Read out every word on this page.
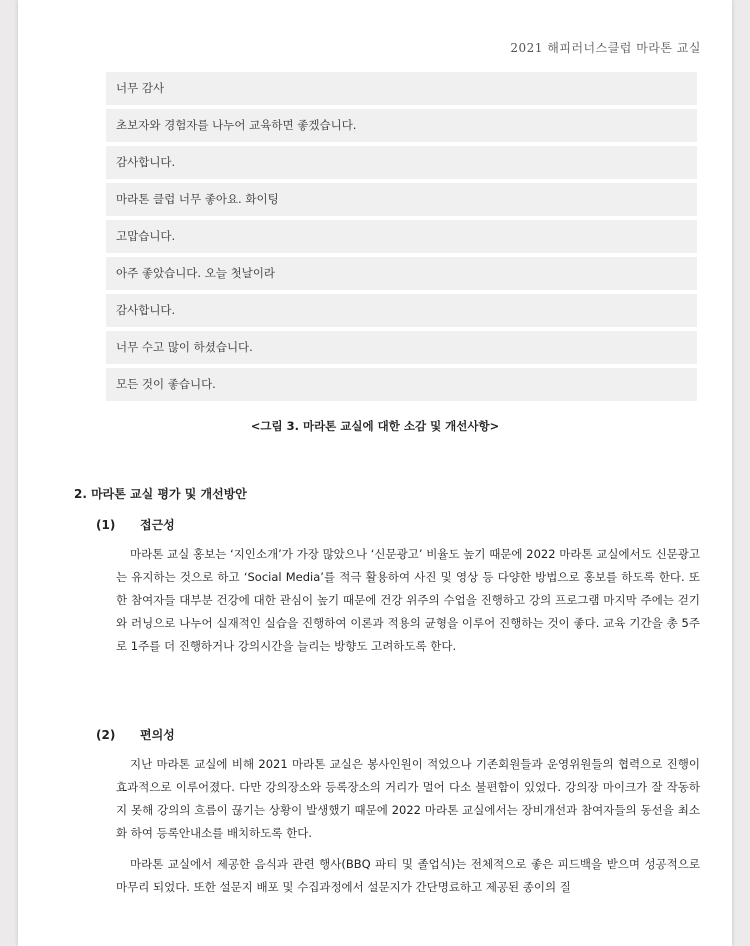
2021 해피러너스클럽 마라톤 교실
너무 감사
초보자와 경험자를 나누어 교육하면 좋겠습니다.
감사합니다.
마라톤 클럽 너무 좋아요. 화이팅
고맙습니다.
아주 좋았습니다. 오늘 첫날이라
감사합니다.
너무 수고 많이 하셨습니다.
모든 것이 좋습니다.
<그림 3. 마라톤 교실에 대한 소감 및 개선사항>
2. 마라톤 교실 평가 및 개선방안
(1) 접근성
마라톤 교실 홍보는 ‘지인소개’가 가장 많았으나 ‘신문광고’ 비율도 높기 때문에 2022 마라톤 교실에서도 신문광고는 유지하는 것으로 하고 ‘Social Media’를 적극 활용하여 사진 및 영상 등 다양한 방법으로 홍보를 하도록 한다. 또한 참여자들 대부분 건강에 대한 관심이 높기 때문에 건강 위주의 수업을 진행하고 강의 프로그램 마지막 주에는 걷기와 러닝으로 나누어 실재적인 실습을 진행하여 이론과 적용의 균형을 이루어 진행하는 것이 좋다. 교육 기간을 총 5주로 1주를 더 진행하거나 강의시간을 늘리는 방향도 고려하도록 한다.
(2) 편의성
지난 마라톤 교실에 비해 2021 마라톤 교실은 봉사인원이 적었으나 기존회원들과 운영위원들의 협력으로 진행이 효과적으로 이루어졌다. 다만 강의장소와 등록장소의 거리가 멀어 다소 불편함이 있었다. 강의장 마이크가 잘 작동하지 못해 강의의 흐름이 끊기는 상황이 발생했기 때문에 2022 마라톤 교실에서는 장비개선과 참여자들의 동선을 최소화 하여 등록안내소를 배치하도록 한다.
마라톤 교실에서 제공한 음식과 관련 행사(BBQ 파티 및 졸업식)는 전체적으로 좋은 피드백을 받으며 성공적으로 마무리 되었다. 또한 설문지 배포 및 수집과정에서 설문지가 간단명료하고 제공된 종이의 질
